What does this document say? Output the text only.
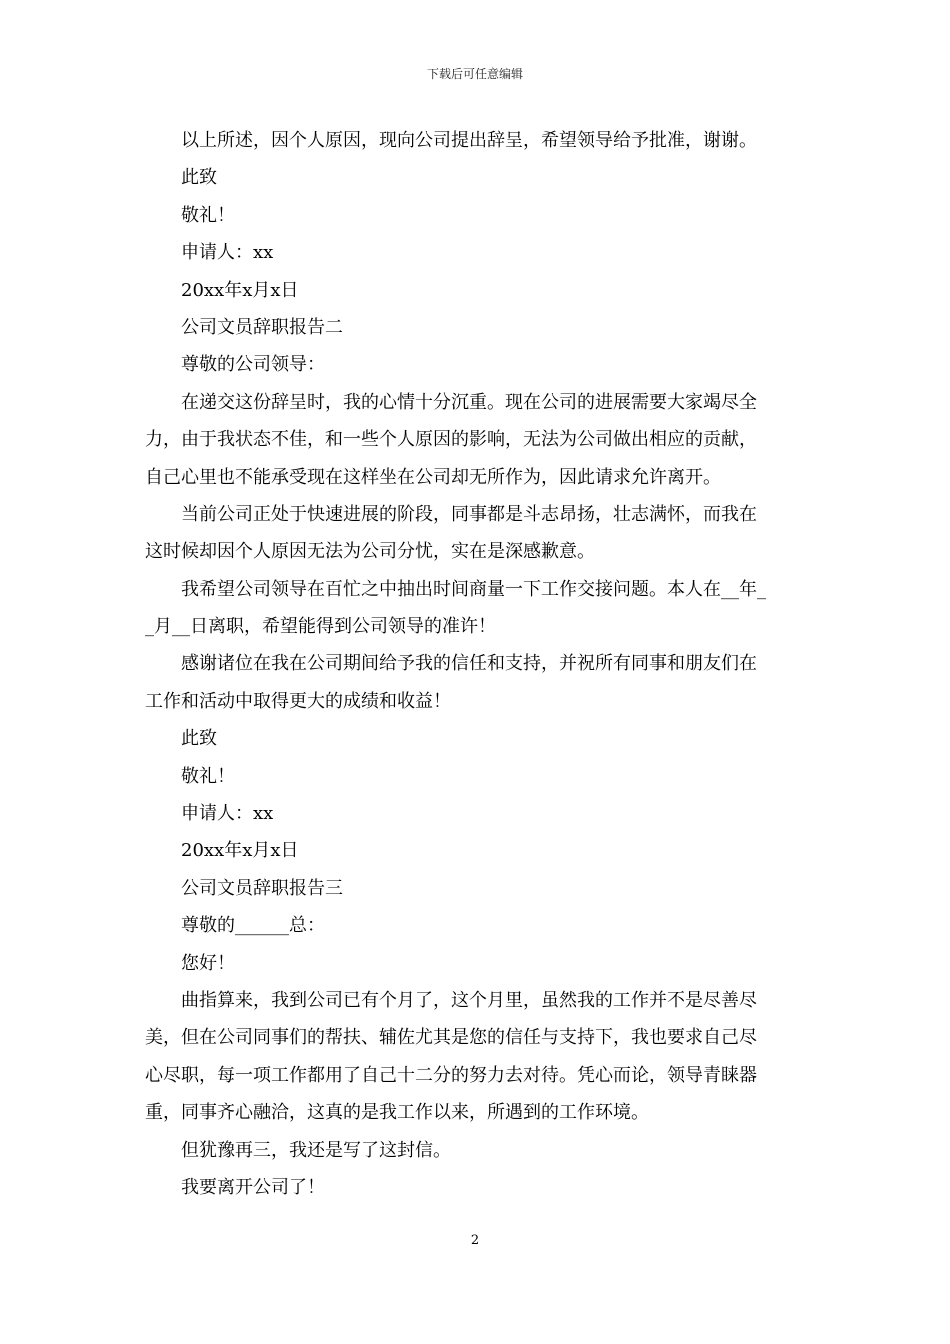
下载后可任意编辑
以上所述，因个人原因，现向公司提出辞呈，希望领导给予批准，谢谢。
此致
敬礼！
申请人：xx
20xx年x月x日
公司文员辞职报告二
尊敬的公司领导：
在递交这份辞呈时，我的心情十分沉重。现在公司的进展需要大家竭尽全
力，由于我状态不佳，和一些个人原因的影响，无法为公司做出相应的贡献，
自己心里也不能承受现在这样坐在公司却无所作为，因此请求允许离开。
当前公司正处于快速进展的阶段，同事都是斗志昂扬，壮志满怀，而我在
这时候却因个人原因无法为公司分忧，实在是深感歉意。
我希望公司领导在百忙之中抽出时间商量一下工作交接问题。本人在__年_
_月__日离职，希望能得到公司领导的准许！
感谢诸位在我在公司期间给予我的信任和支持，并祝所有同事和朋友们在
工作和活动中取得更大的成绩和收益！
此致
敬礼！
申请人：xx
20xx年x月x日
公司文员辞职报告三
尊敬的______总：
您好！
曲指算来，我到公司已有个月了，这个月里，虽然我的工作并不是尽善尽
美，但在公司同事们的帮扶、辅佐尤其是您的信任与支持下，我也要求自己尽
心尽职，每一项工作都用了自己十二分的努力去对待。凭心而论，领导青睐器
重，同事齐心融洽，这真的是我工作以来，所遇到的工作环境。
但犹豫再三，我还是写了这封信。
我要离开公司了！
2
